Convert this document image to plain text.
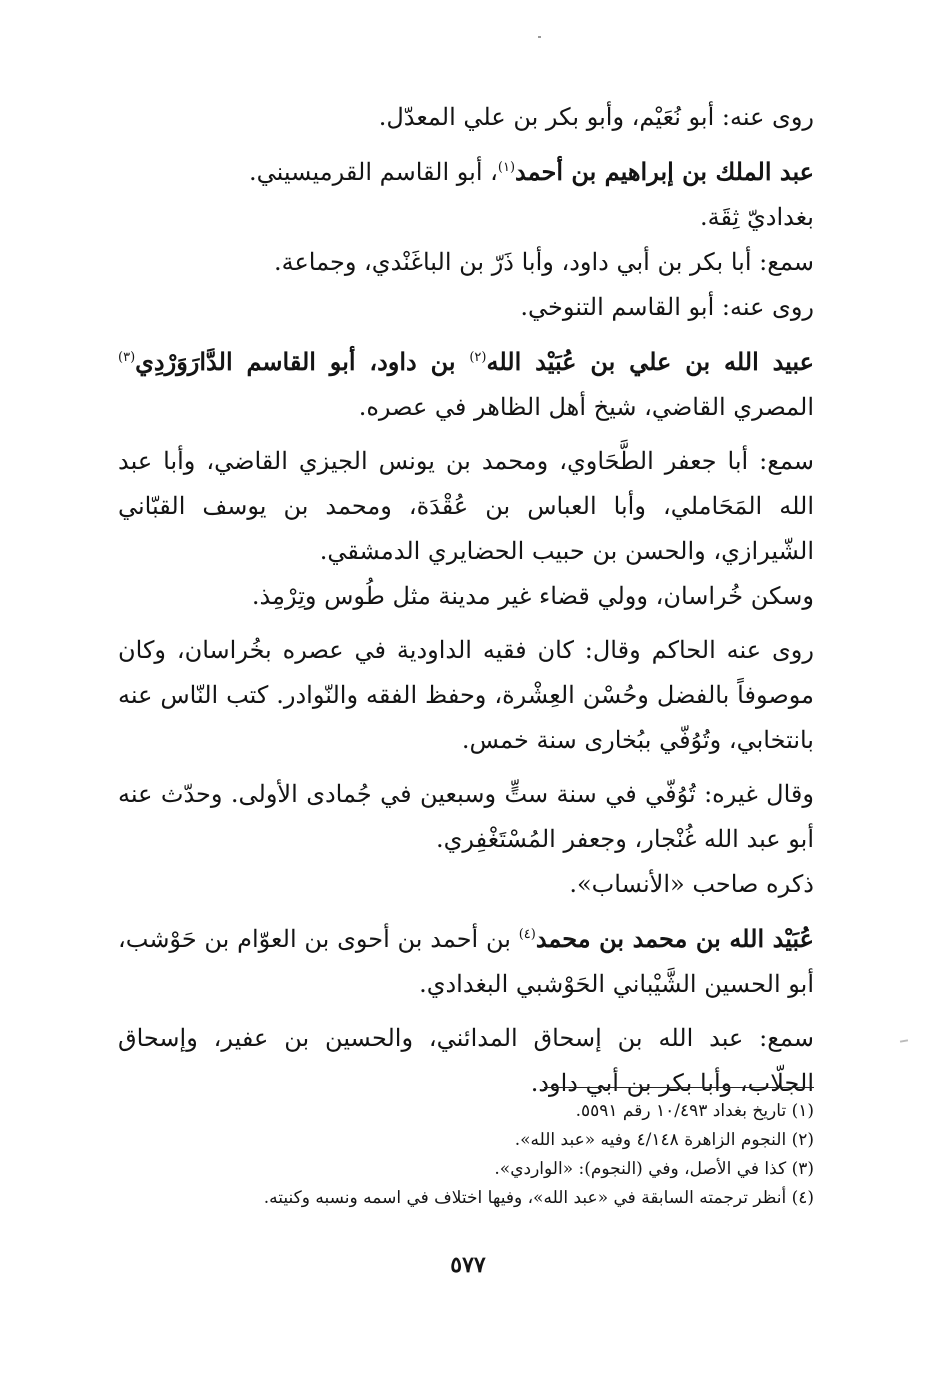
روى عنه: أبو نُعَيْم، وأبو بكر بن علي المعدّل.

عبد الملك بن إبراهيم بن أحمد$^{(١)}$، أبو القاسم القرميسيني.

بغداديّ ثِقَة.

سمع: أبا بكر بن أبي داود، وأبا ذَرّ بن الباغَنْدي، وجماعة.

روى عنه: أبو القاسم التنوخي.

عبيد الله بن علي بن عُبَيْد الله$^{(٢)}$ بن داود، أبو القاسم الدَّارَوَرْدِي$^{(٣)}$ المصري القاضي، شيخ أهل الظاهر في عصره.

سمع: أبا جعفر الطَّحَاوي، ومحمد بن يونس الجيزي القاضي، وأبا عبد الله المَحَاملي، وأبا العباس بن عُقْدَة، ومحمد بن يوسف القبّاني الشّيرازي، والحسن بن حبيب الحضايري الدمشقي.

وسكن خُراسان، وولي قضاء غير مدينة مثل طُوس وتِرْمِذ.

روى عنه الحاكم وقال: كان فقيه الداودية في عصره بخُراسان، وكان موصوفاً بالفضل وحُسْن العِشْرة، وحفظ الفقه والنّوادر. كتب النّاس عنه بانتخابي، وتُوُفّي ببُخارى سنة خمس.

وقال غيره: تُوُفّي في سنة ستٍّ وسبعين في جُمادى الأولى. وحدّث عنه أبو عبد الله غُنْجار، وجعفر المُسْتَغْفِري.

ذكره صاحب «الأنساب».

عُبَيْد الله بن محمد بن محمد$^{(٤)}$ بن أحمد بن أحوى بن العوّام بن حَوْشب، أبو الحسين الشَّيْباني الحَوْشبي البغدادي.

سمع: عبد الله بن إسحاق المدائني، والحسين بن عفير، وإسحاق الجلّاب، وأبا بكر بن أبي داود.

(١) تاريخ بغداد ١٠/٤٩٣ رقم ٥٥٩١.

(٢) النجوم الزاهرة ٤/١٤٨ وفيه «عبد الله».

(٣) كذا في الأصل، وفي (النجوم): «الواردي».

(٤) أنظر ترجمته السابقة في «عبد الله»، وفيها اختلاف في اسمه ونسبه وكنيته.

٥٧٧
